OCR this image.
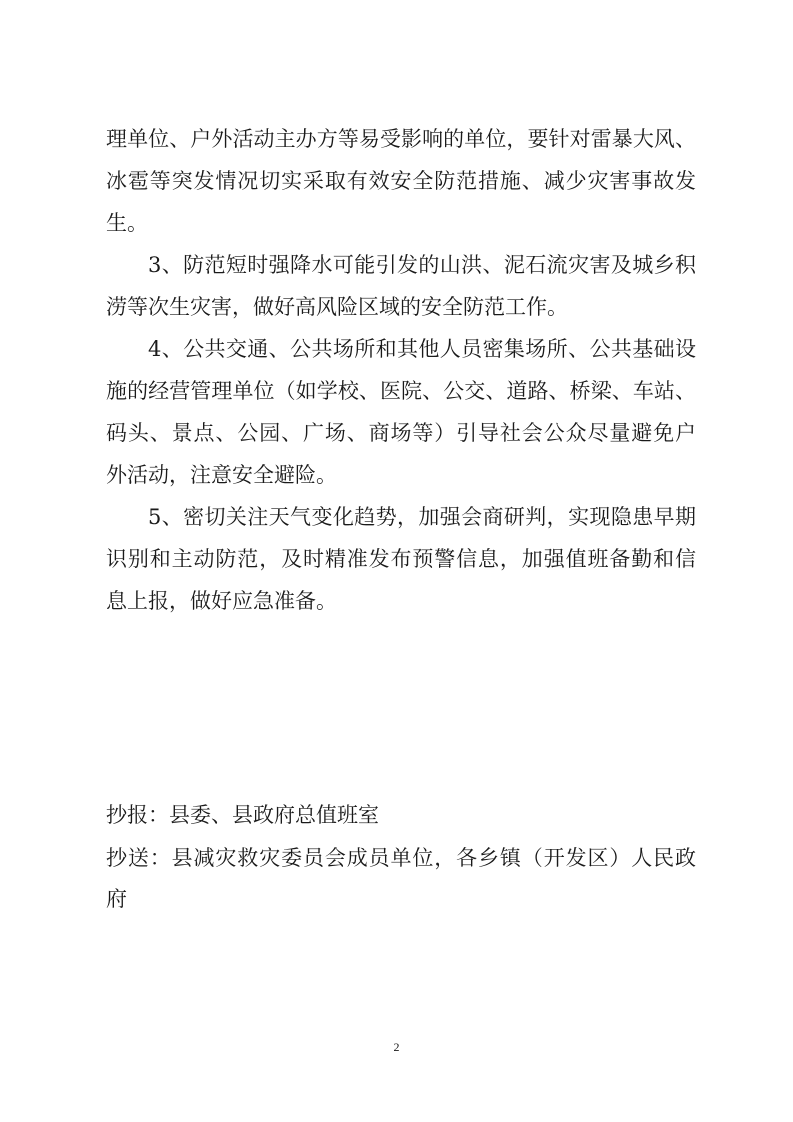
理单位、户外活动主办方等易受影响的单位，要针对雷暴大风、
冰雹等突发情况切实采取有效安全防范措施、减少灾害事故发
生。
3、防范短时强降水可能引发的山洪、泥石流灾害及城乡积
涝等次生灾害，做好高风险区域的安全防范工作。
4、公共交通、公共场所和其他人员密集场所、公共基础设
施的经营管理单位（如学校、医院、公交、道路、桥梁、车站、
码头、景点、公园、广场、商场等）引导社会公众尽量避免户
外活动，注意安全避险。
5、密切关注天气变化趋势，加强会商研判，实现隐患早期
识别和主动防范，及时精准发布预警信息，加强值班备勤和信
息上报，做好应急准备。
抄报：县委、县政府总值班室
抄送：县减灾救灾委员会成员单位，各乡镇（开发区）人民政
府
2
